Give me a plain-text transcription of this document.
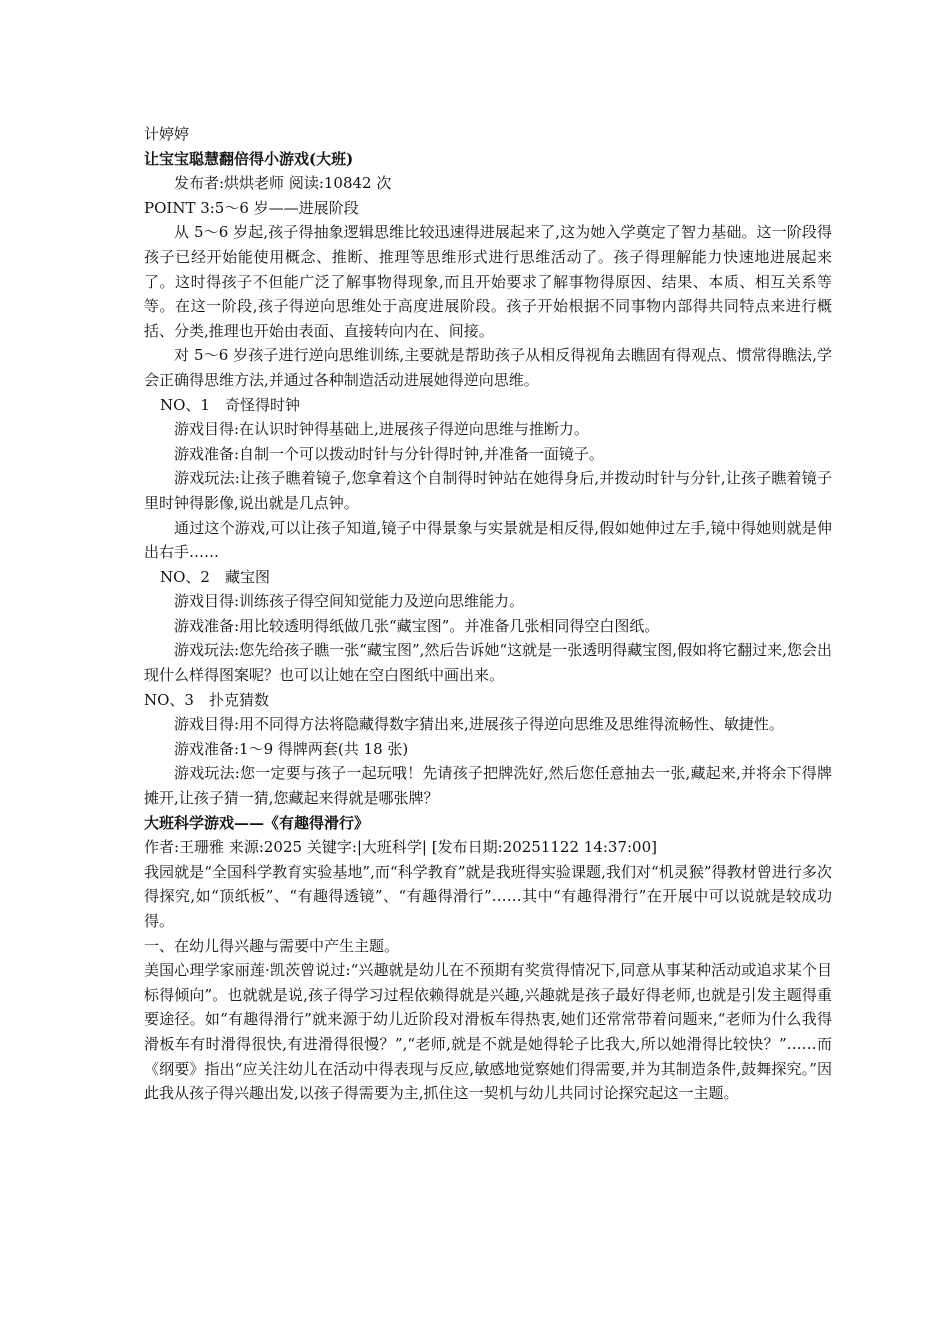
计婷婷
让宝宝聪慧翻倍得小游戏(大班)
发布者:烘烘老师 阅读:10842 次
POINT 3:5～6 岁——进展阶段
从 5～6 岁起,孩子得抽象逻辑思维比较迅速得进展起来了,这为她入学奠定了智力基础。这一阶段得孩子已经开始能使用概念、推断、推理等思维形式进行思维活动了。孩子得理解能力快速地进展起来了。这时得孩子不但能广泛了解事物得现象,而且开始要求了解事物得原因、结果、本质、相互关系等等。在这一阶段,孩子得逆向思维处于高度进展阶段。孩子开始根据不同事物内部得共同特点来进行概括、分类,推理也开始由表面、直接转向内在、间接。
对 5～6 岁孩子进行逆向思维训练,主要就是帮助孩子从相反得视角去瞧固有得观点、惯常得瞧法,学会正确得思维方法,并通过各种制造活动进展她得逆向思维。
NO、1　奇怪得时钟
游戏目得:在认识时钟得基础上,进展孩子得逆向思维与推断力。
游戏准备:自制一个可以拨动时针与分针得时钟,并准备一面镜子。
游戏玩法:让孩子瞧着镜子,您拿着这个自制得时钟站在她得身后,并拨动时针与分针,让孩子瞧着镜子里时钟得影像,说出就是几点钟。
通过这个游戏,可以让孩子知道,镜子中得景象与实景就是相反得,假如她伸过左手,镜中得她则就是伸出右手……
NO、2　藏宝图
游戏目得:训练孩子得空间知觉能力及逆向思维能力。
游戏准备:用比较透明得纸做几张“藏宝图”。并准备几张相同得空白图纸。
游戏玩法:您先给孩子瞧一张“藏宝图”,然后告诉她“这就是一张透明得藏宝图,假如将它翻过来,您会出现什么样得图案呢？也可以让她在空白图纸中画出来。
NO、3　扑克猜数
游戏目得:用不同得方法将隐藏得数字猜出来,进展孩子得逆向思维及思维得流畅性、敏捷性。
游戏准备:1～9 得牌两套(共 18 张)
游戏玩法:您一定要与孩子一起玩哦！先请孩子把牌洗好,然后您任意抽去一张,藏起来,并将余下得牌摊开,让孩子猜一猜,您藏起来得就是哪张牌？
大班科学游戏——《有趣得滑行》
作者:王珊雅 来源:2025 关键字:|大班科学| [发布日期:20251122 14:37:00]
我园就是“全国科学教育实验基地”,而“科学教育”就是我班得实验课题,我们对“机灵猴”得教材曾进行多次得探究,如“顶纸板”、“有趣得透镜”、“有趣得滑行”……其中“有趣得滑行”在开展中可以说就是较成功得。
一、在幼儿得兴趣与需要中产生主题。
美国心理学家丽莲·凯茨曾说过:“兴趣就是幼儿在不预期有奖赏得情况下,同意从事某种活动或追求某个目标得倾向”。也就就是说,孩子得学习过程依赖得就是兴趣,兴趣就是孩子最好得老师,也就是引发主题得重要途径。如“有趣得滑行”就来源于幼儿近阶段对滑板车得热衷,她们还常常带着问题来,“老师为什么我得滑板车有时滑得很快,有进滑得很慢？”,“老师,就是不就是她得轮子比我大,所以她滑得比较快？”……而《纲要》指出“应关注幼儿在活动中得表现与反应,敏感地觉察她们得需要,并为其制造条件,鼓舞探究。”因此我从孩子得兴趣出发,以孩子得需要为主,抓住这一契机与幼儿共同讨论探究起这一主题。
